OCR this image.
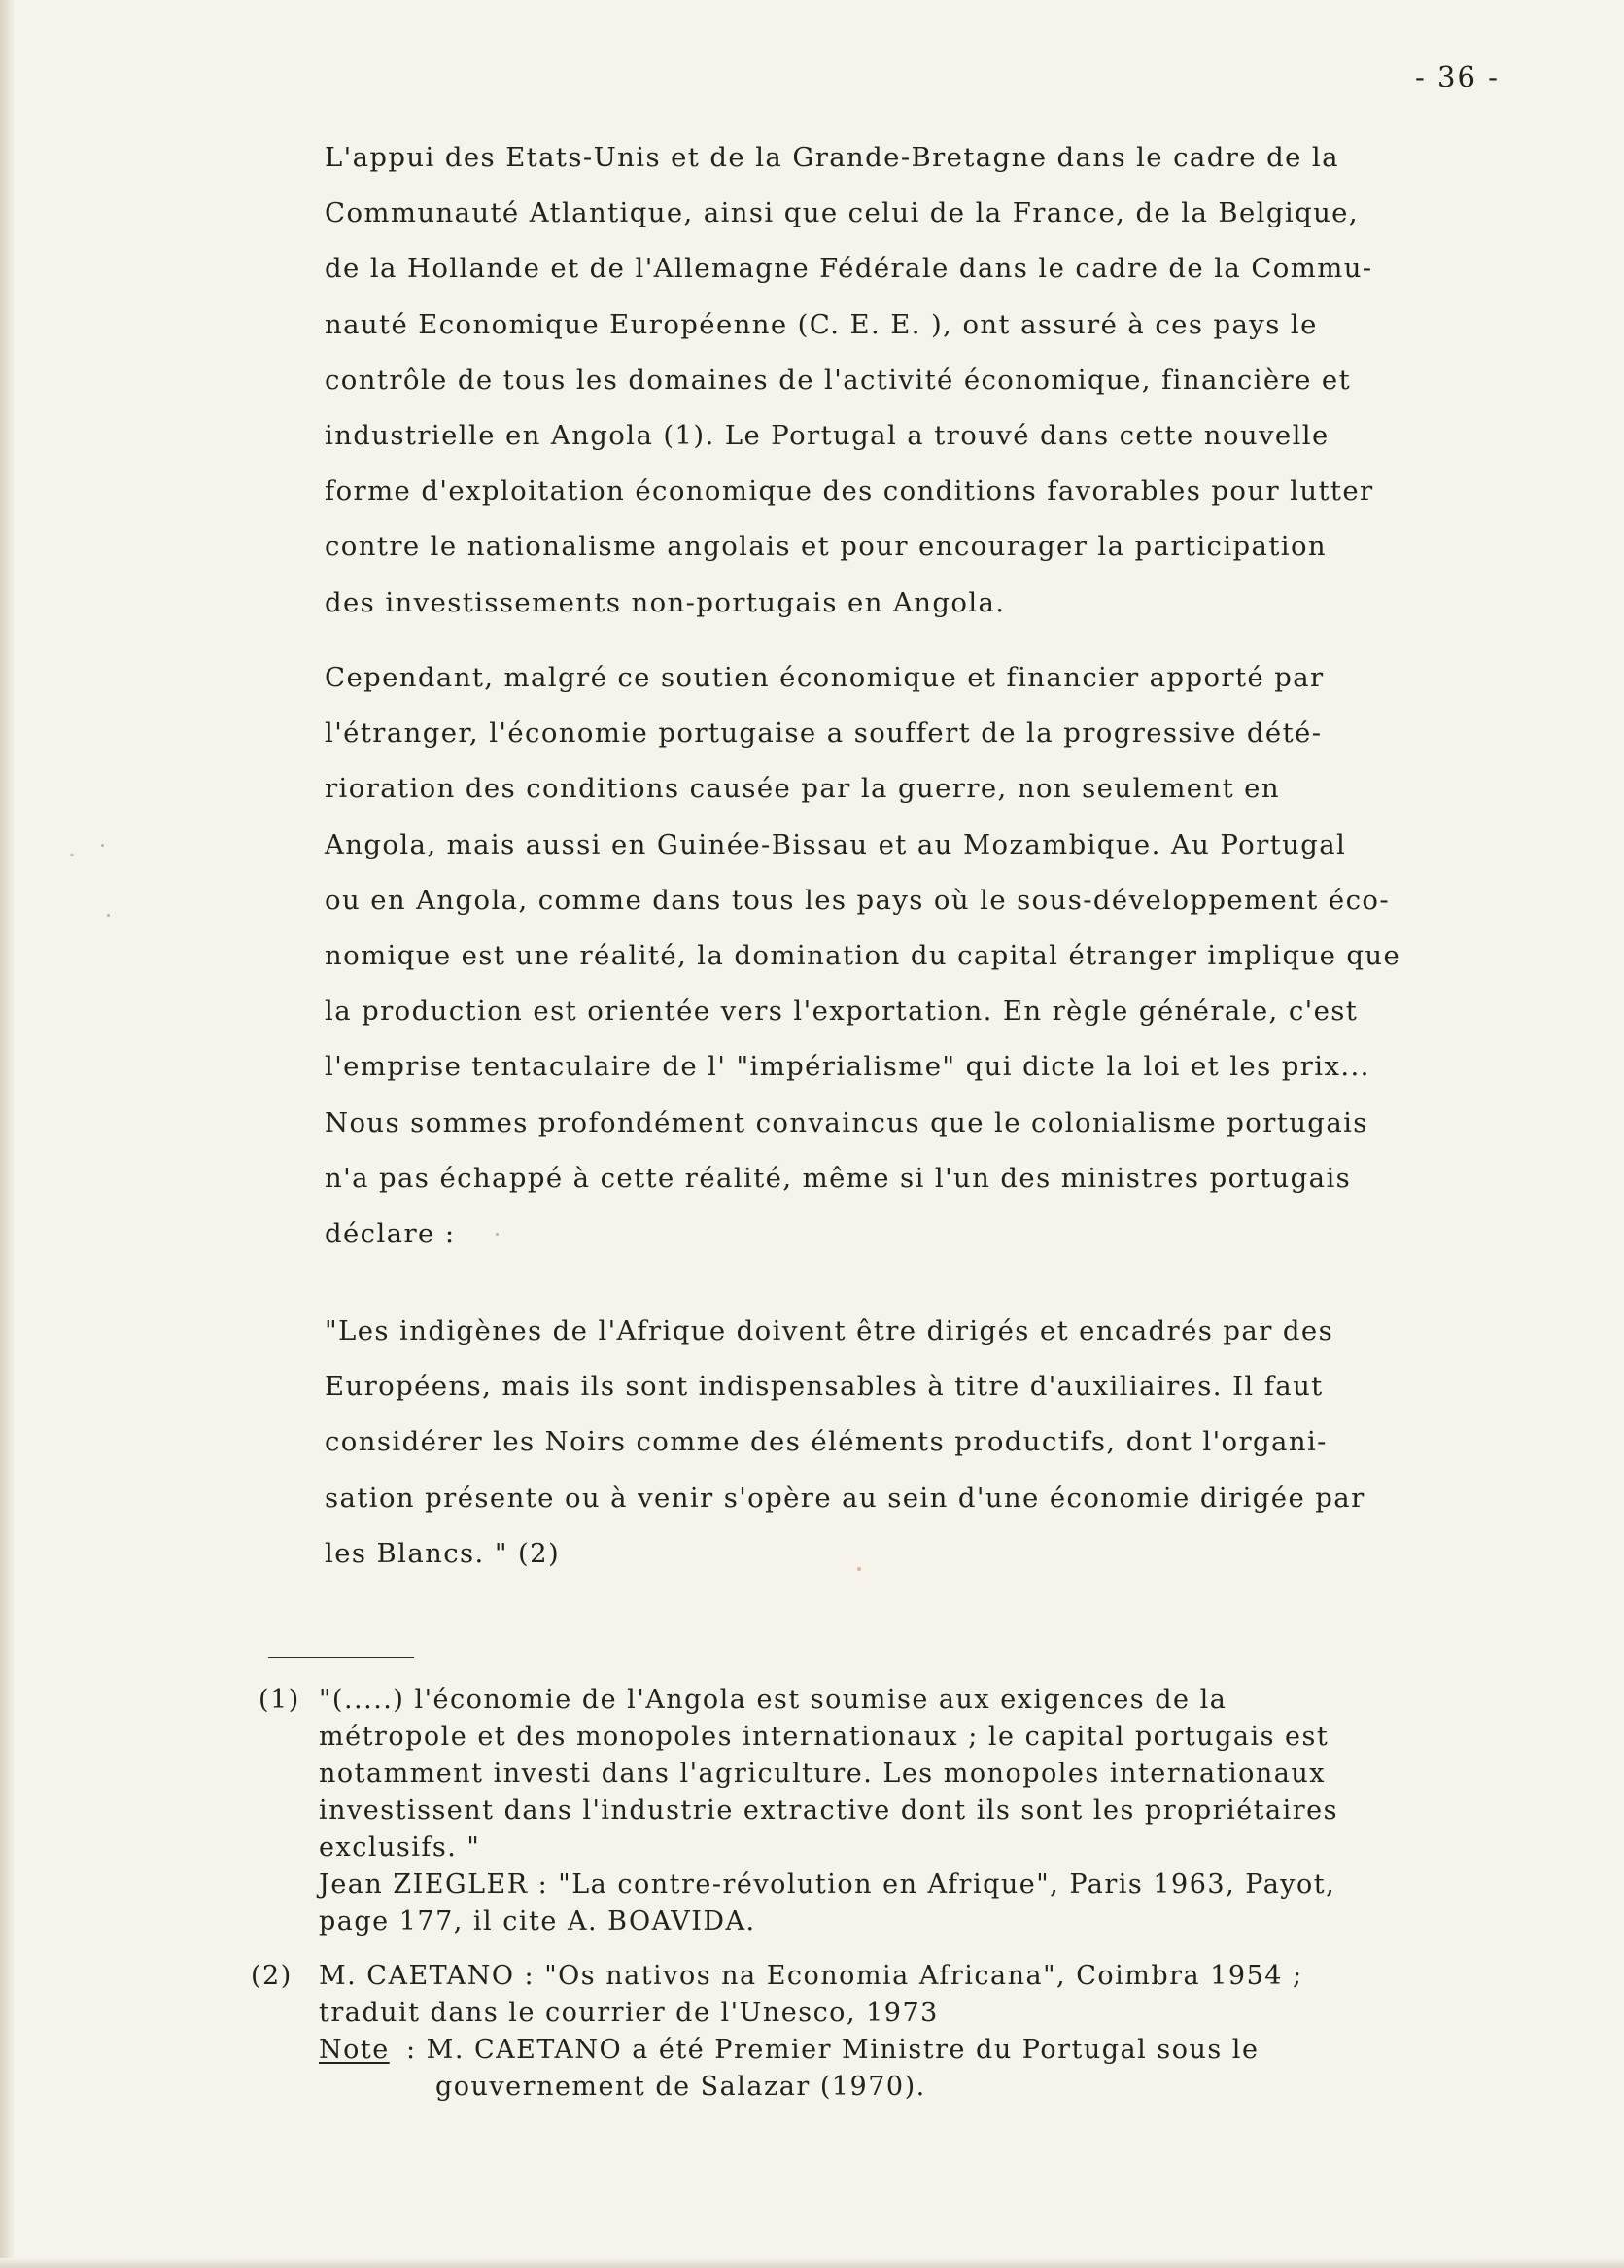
- 36 -
L'appui des Etats-Unis et de la Grande-Bretagne dans le cadre de la
Communauté Atlantique, ainsi que celui de la France, de la Belgique,
de la Hollande et de l'Allemagne Fédérale dans le cadre de la Commu-
nauté Economique Européenne (C. E. E. ), ont assuré à ces pays le
contrôle de tous les domaines de l'activité économique, financière et
industrielle en Angola (1). Le Portugal a trouvé dans cette nouvelle
forme d'exploitation économique des conditions favorables pour lutter
contre le nationalisme angolais et pour encourager la participation
des investissements non-portugais en Angola.
Cependant, malgré ce soutien économique et financier apporté par
l'étranger, l'économie portugaise a souffert de la progressive dété-
rioration des conditions causée par la guerre, non seulement en
Angola, mais aussi en Guinée-Bissau et au Mozambique. Au Portugal
ou en Angola, comme dans tous les pays où le sous-développement éco-
nomique est une réalité, la domination du capital étranger implique que
la production est orientée vers l'exportation. En règle générale, c'est
l'emprise tentaculaire de l' "impérialisme" qui dicte la loi et les prix...
Nous sommes profondément convaincus que le colonialisme portugais
n'a pas échappé à cette réalité, même si l'un des ministres portugais
déclare :
"Les indigènes de l'Afrique doivent être dirigés et encadrés par des
Européens, mais ils sont indispensables à titre d'auxiliaires. Il faut
considérer les Noirs comme des éléments productifs, dont l'organi-
sation présente ou à venir s'opère au sein d'une économie dirigée par
les Blancs. " (2)
(1) "(.....) l'économie de l'Angola est soumise aux exigences de la
métropole et des monopoles internationaux ; le capital portugais est
notamment investi dans l'agriculture. Les monopoles internationaux
investissent dans l'industrie extractive dont ils sont les propriétaires
exclusifs. "
Jean ZIEGLER : "La contre-révolution en Afrique", Paris 1963, Payot,
page 177, il cite A. BOAVIDA.
(2) M. CAETANO : "Os nativos na Economia Africana", Coimbra 1954 ;
traduit dans le courrier de l'Unesco, 1973
Note : M. CAETANO a été Premier Ministre du Portugal sous le
gouvernement de Salazar (1970).
